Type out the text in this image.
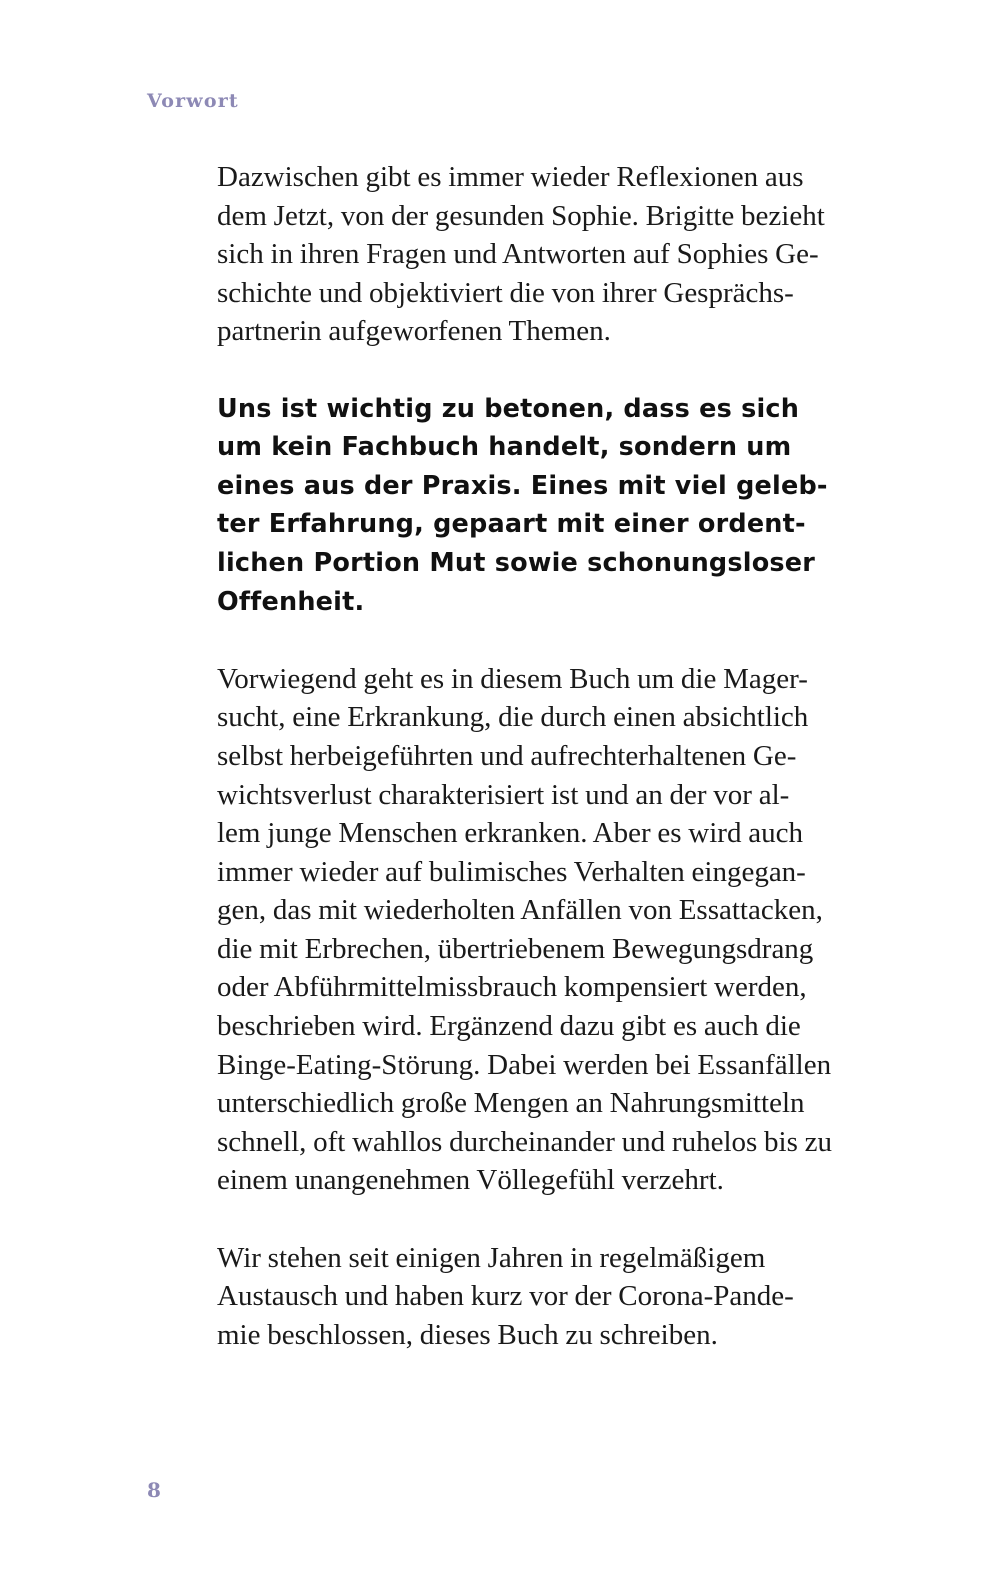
Vorwort

Dazwischen gibt es immer wieder Reflexionen aus
dem Jetzt, von der gesunden Sophie. Brigitte bezieht
sich in ihren Fragen und Antworten auf Sophies Ge-
schichte und objektiviert die von ihrer Gesprächs-
partnerin aufgeworfenen Themen.

Uns ist wichtig zu betonen, dass es sich
um kein Fachbuch handelt, sondern um
eines aus der Praxis. Eines mit viel geleb-
ter Erfahrung, gepaart mit einer ordent-
lichen Portion Mut sowie schonungsloser
Offenheit.

Vorwiegend geht es in diesem Buch um die Mager-
sucht, eine Erkrankung, die durch einen absichtlich
selbst herbeigeführten und aufrechterhaltenen Ge-
wichtsverlust charakterisiert ist und an der vor al-
lem junge Menschen erkranken. Aber es wird auch
immer wieder auf bulimisches Verhalten eingegan-
gen, das mit wiederholten Anfällen von Essattacken,
die mit Erbrechen, übertriebenem Bewegungsdrang
oder Abführmittelmissbrauch kompensiert werden,
beschrieben wird. Ergänzend dazu gibt es auch die
Binge-Eating-Störung. Dabei werden bei Essanfällen
unterschiedlich große Mengen an Nahrungsmitteln
schnell, oft wahllos durcheinander und ruhelos bis zu
einem unangenehmen Völlegefühl verzehrt.

Wir stehen seit einigen Jahren in regelmäßigem
Austausch und haben kurz vor der Corona-Pande-
mie beschlossen, dieses Buch zu schreiben.

8
